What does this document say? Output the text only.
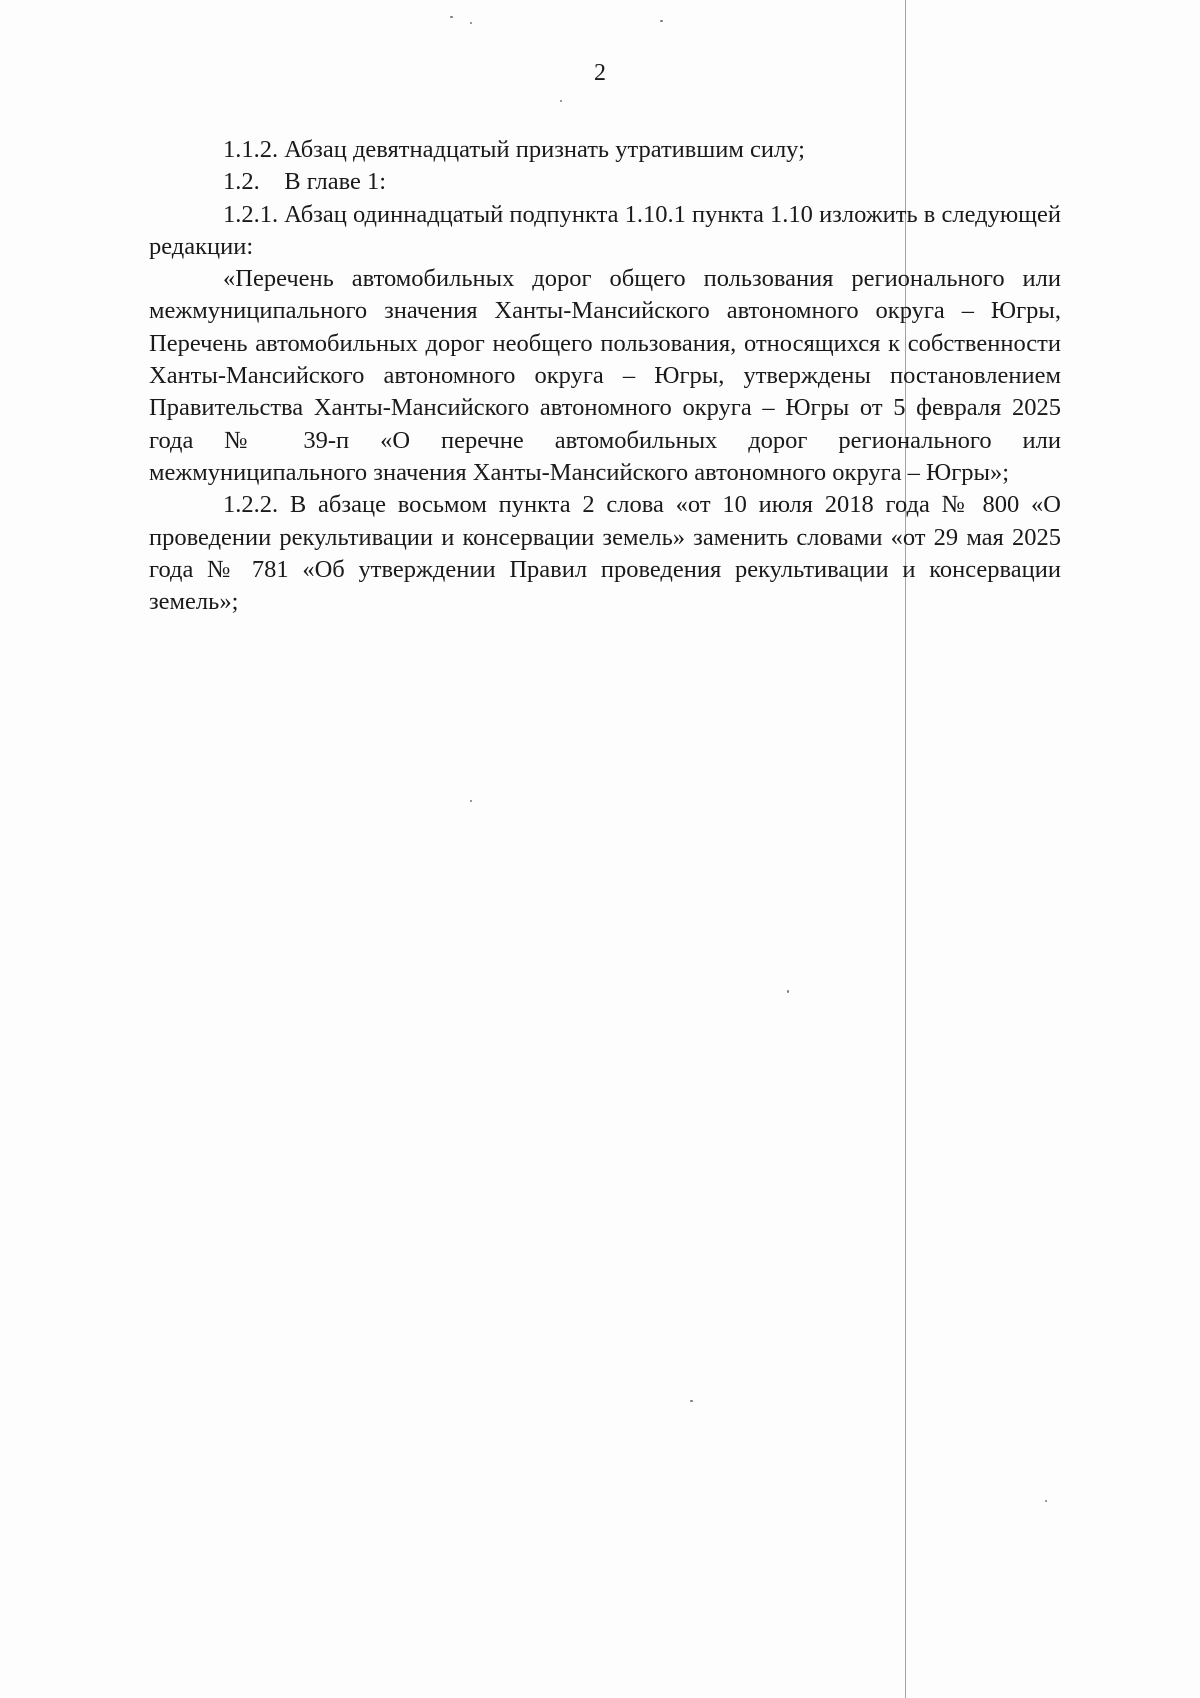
2

1.1.2. Абзац девятнадцатый признать утратившим силу;

1.2. В главе 1:

1.2.1. Абзац одиннадцатый подпункта 1.10.1 пункта 1.10 изложить в следующей редакции:

«Перечень автомобильных дорог общего пользования регионального или межмуниципального значения Ханты-Мансийского автономного округа – Югры, Перечень автомобильных дорог необщего пользования, относящихся к собственности Ханты-Мансийского автономного округа – Югры, утверждены постановлением Правительства Ханты-Мансийского автономного округа – Югры от 5 февраля 2025 года № 39-п «О перечне автомобильных дорог регионального или межмуниципального значения Ханты-Мансийского автономного округа – Югры»;

1.2.2. В абзаце восьмом пункта 2 слова «от 10 июля 2018 года № 800 «О проведении рекультивации и консервации земель» заменить словами «от 29 мая 2025 года № 781 «Об утверждении Правил проведения рекультивации и консервации земель»;
